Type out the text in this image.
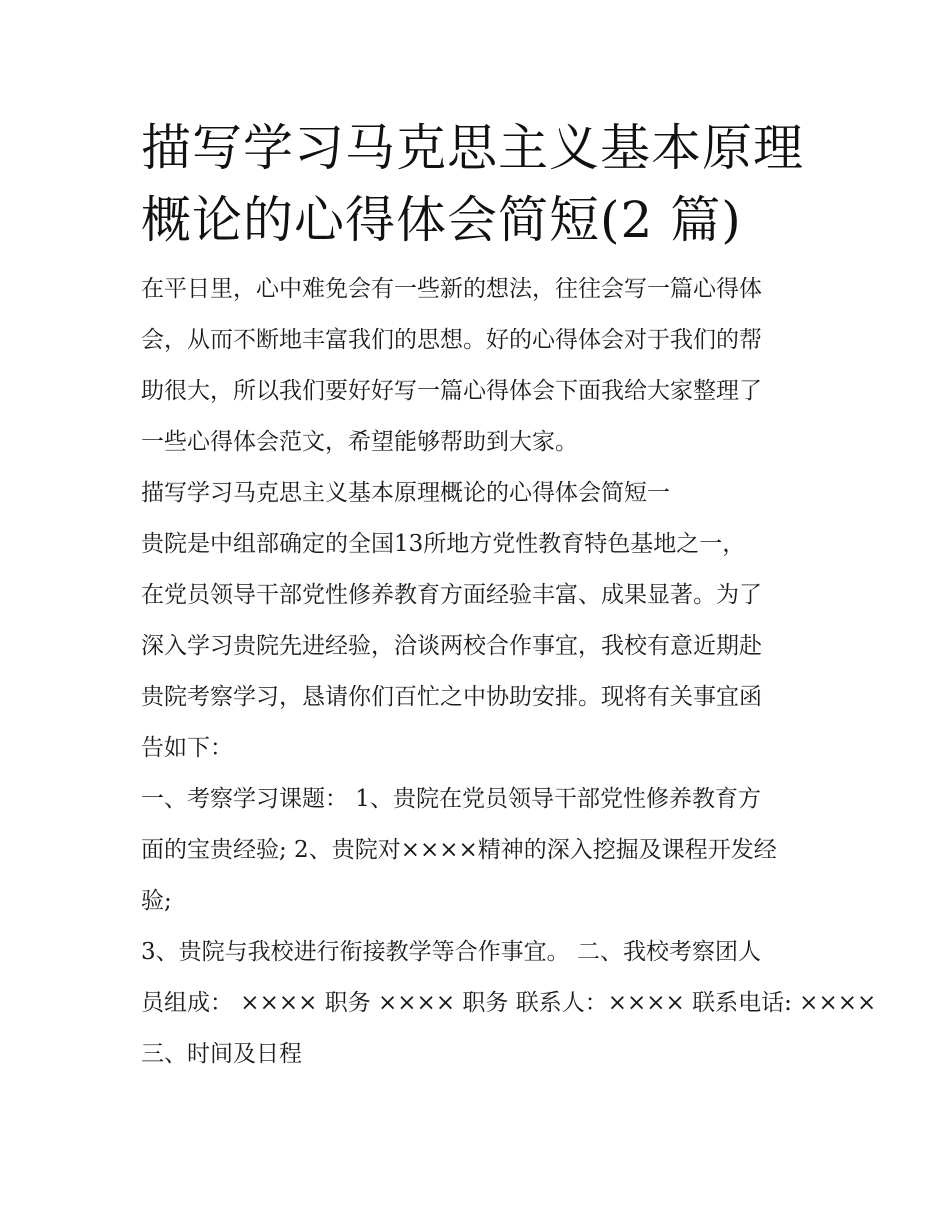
描写学习马克思主义基本原理
概论的心得体会简短(2 篇)

在平日里，心中难免会有一些新的想法，往往会写一篇心得体
会，从而不断地丰富我们的思想。好的心得体会对于我们的帮
助很大，所以我们要好好写一篇心得体会下面我给大家整理了
一些心得体会范文，希望能够帮助到大家。

描写学习马克思主义基本原理概论的心得体会简短一

贵院是中组部确定的全国13所地方党性教育特色基地之一，
在党员领导干部党性修养教育方面经验丰富、成果显著。为了
深入学习贵院先进经验，洽谈两校合作事宜，我校有意近期赴
贵院考察学习，恳请你们百忙之中协助安排。现将有关事宜函
告如下：

一、考察学习课题： 1、贵院在党员领导干部党性修养教育方
面的宝贵经验; 2、贵院对××××精神的深入挖掘及课程开发经
验;

3、贵院与我校进行衔接教学等合作事宜。 二、我校考察团人
员组成： ×××× 职务 ×××× 职务 联系人：×××× 联系电话: ××××
三、时间及日程
